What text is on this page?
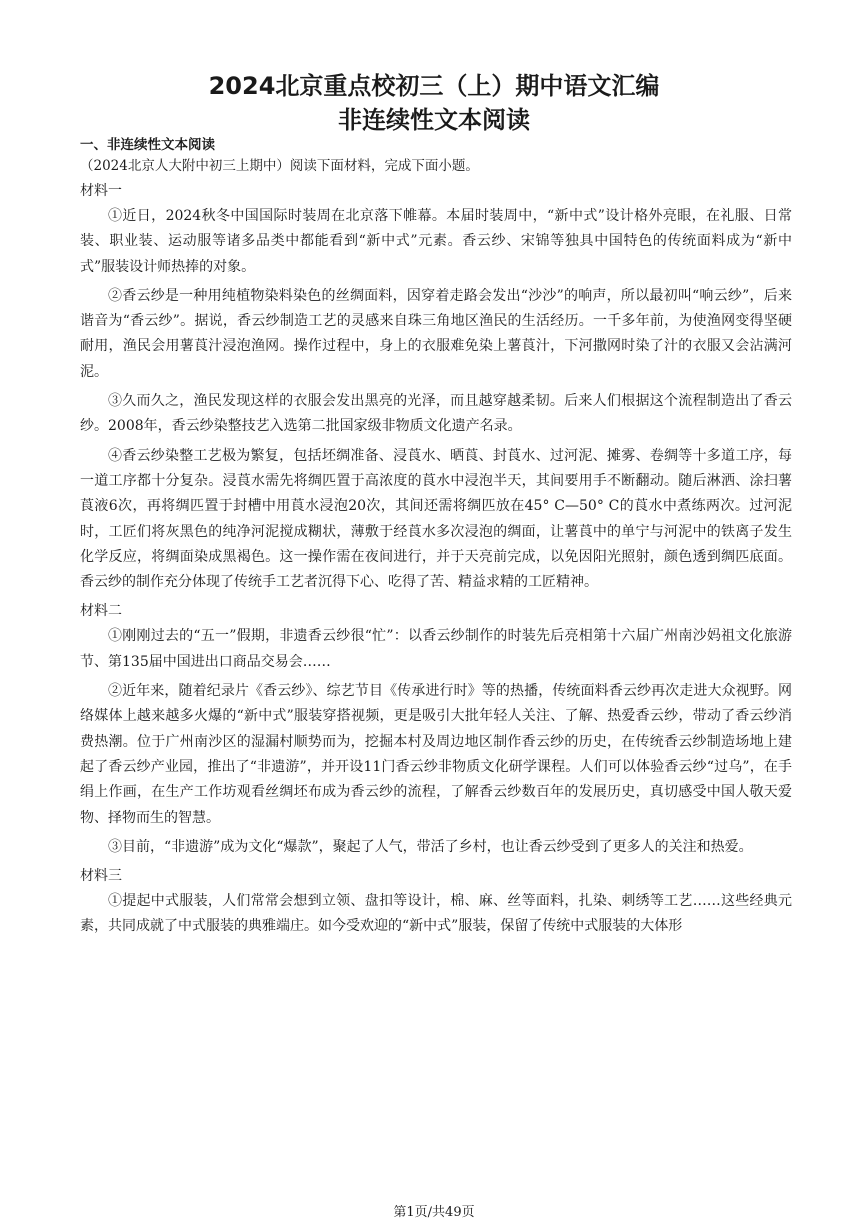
2024北京重点校初三（上）期中语文汇编
非连续性文本阅读

一、非连续性文本阅读

（2024北京人大附中初三上期中）阅读下面材料，完成下面小题。

材料一

①近日，2024秋冬中国国际时装周在北京落下帷幕。本届时装周中，“新中式”设计格外亮眼，在礼服、日常装、职业装、运动服等诸多品类中都能看到“新中式”元素。香云纱、宋锦等独具中国特色的传统面料成为“新中式”服装设计师热捧的对象。

②香云纱是一种用纯植物染料染色的丝绸面料，因穿着走路会发出“沙沙”的响声，所以最初叫“响云纱”，后来谐音为“香云纱”。据说，香云纱制造工艺的灵感来自珠三角地区渔民的生活经历。一千多年前，为使渔网变得坚硬耐用，渔民会用薯莨汁浸泡渔网。操作过程中，身上的衣服难免染上薯莨汁，下河撒网时染了汁的衣服又会沾满河泥。

③久而久之，渔民发现这样的衣服会发出黑亮的光泽，而且越穿越柔韧。后来人们根据这个流程制造出了香云纱。2008年，香云纱染整技艺入选第二批国家级非物质文化遗产名录。

④香云纱染整工艺极为繁复，包括坯绸准备、浸莨水、晒莨、封莨水、过河泥、摊雾、卷绸等十多道工序，每一道工序都十分复杂。浸莨水需先将绸匹置于高浓度的莨水中浸泡半天，其间要用手不断翻动。随后淋洒、涂扫薯莨液6次，再将绸匹置于封槽中用莨水浸泡20次，其间还需将绸匹放在45° C—50° C的莨水中煮练两次。过河泥时，工匠们将灰黑色的纯净河泥搅成糊状，薄敷于经莨水多次浸泡的绸面，让薯莨中的单宁与河泥中的铁离子发生化学反应，将绸面染成黑褐色。这一操作需在夜间进行，并于天亮前完成，以免因阳光照射，颜色透到绸匹底面。香云纱的制作充分体现了传统手工艺者沉得下心、吃得了苦、精益求精的工匠精神。

材料二

①刚刚过去的“五一”假期，非遗香云纱很“忙”：以香云纱制作的时装先后亮相第十六届广州南沙妈祖文化旅游节、第135届中国进出口商品交易会……

②近年来，随着纪录片《香云纱》、综艺节目《传承进行时》等的热播，传统面料香云纱再次走进大众视野。网络媒体上越来越多火爆的“新中式”服装穿搭视频，更是吸引大批年轻人关注、了解、热爱香云纱，带动了香云纱消费热潮。位于广州南沙区的湿漏村顺势而为，挖掘本村及周边地区制作香云纱的历史，在传统香云纱制造场地上建起了香云纱产业园，推出了“非遗游”，并开设11门香云纱非物质文化研学课程。人们可以体验香云纱“过乌”，在手绢上作画，在生产工作坊观看丝绸坯布成为香云纱的流程，了解香云纱数百年的发展历史，真切感受中国人敬天爱物、择物而生的智慧。

③目前，“非遗游”成为文化“爆款”，聚起了人气，带活了乡村，也让香云纱受到了更多人的关注和热爱。

材料三

①提起中式服装，人们常常会想到立领、盘扣等设计，棉、麻、丝等面料，扎染、刺绣等工艺……这些经典元素，共同成就了中式服装的典雅端庄。如今受欢迎的“新中式”服装，保留了传统中式服装的大体形

第1页/共49页
